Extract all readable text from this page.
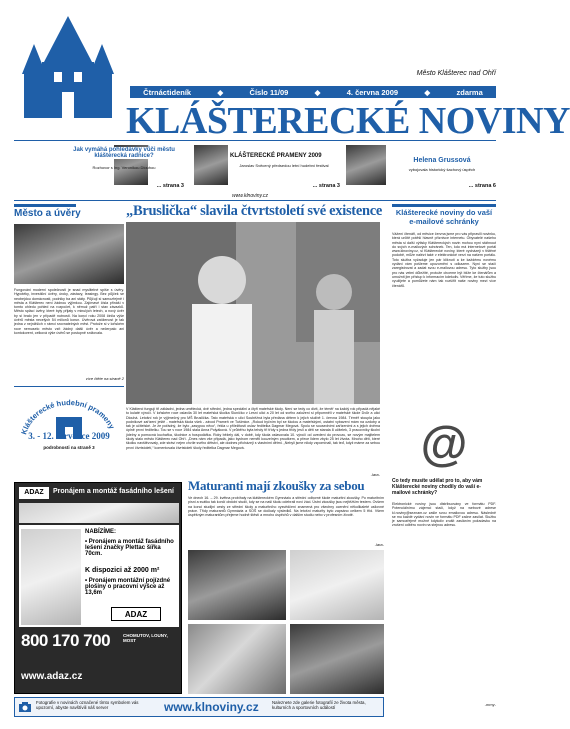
Město Klášterec nad Ohří
Čtrnáctideník	◆	Číslo 11/09	◆	4. června 2009	◆	zdarma
KLÁŠTERECKÉ NOVINY
Jak vymáhá pohledávky vůči městu klášterecká radnice?
Rozhovor s Ing. Veronikou Dlouhou
... strana 3
KLÁŠTERECKÉ PRAMENY 2009
Jaroslav Svěcený předsedou letní hudební festival
... strana 3
Helena Grussová
vybojovala historický šachový úspěch
... strana 6
www.klnoviny.cz
Město a úvěry
Fungování moderní společnosti je snad myslitelné spíše s úvěry. Hypotéky, investiční úvěry, úroky, zástavy, leasingy. Bez půjček se neobejdou domácnosti, podniky ba ani státy. Půjčují si samozřejmě i města a Klášterec není žádnou výjimkou. Zajímavé čísla přináší v tomto ohledu pohled na rozpočet, k němuž patří i stav závazků. Město splácí úvěry, které byly přijaty v minulých letech, a nový úvěr by si bralo jen v případě nutnosti. Na konci roku 2008 činila výše úvěrů města necelých 54 milionů korun. Úvěrová zatíženost je tak jedna z nejnižších v rámci srovnatelných měst. Protože si v loňském roce nemuselo město vzít žádný další úvěr a nečerpalo ani kontokorent, celková výše úvěrů se postupně snižovala.
více čtěte na straně 2
Klášterecké hudební prameny
3. - 12. července 2009
podrobnosti na straně 3
„Bruslička“ slavila čtvrtstoletí své existence
V Klášterci fungují tři základní, jedna umělecká, dvě střední, jedna speciální a čtyři mateřské školy. Není se tedy co divit, že téměř na každý rok připadá nějaké to kulaté výročí. V loňském roce oslavila 30 let mateřská školka Sluníčko v Lesní ulici a 20 let od svého založení si připomněli v mateřské škole Dvůr a ulici Dlouhá. Letošní rok je výjimečný pro MŠ Bruslička. Tato mateřská v ulici Souběžná byla předána dětem k jejich službě 1. června 1984. Téměř stoupla jako podnikové zařízení ještě - mateřská škola všek - závod Prameň ve Tušimice. „Rokud byčním byl se školou a mateřskými, ostatní vybavení mám na ozdoby a tak je učitelské. Je že pořádný, že bylo „zasypou něco“, řekla u příležitosti oslav ředitelka Dagmar Megová. Spolu se sousedními zařízeními a s jejich dvěma úplně první ředitelku. Tou se v roce 1984 stala Anna Polyáková. V průběhu byla tehdy tři třídy s jedna třídy jeslí a dětí se starala 8 učitelek, 3 pracovníky školní jídelny a pomocná kuchařka, školnice a hospodářka. Roky běžely dál, v době, kdy škola oslavovala 10. výročí od uvedení do provozu, se novým majitelem školy stalo město Klášterec nad Ohří. „Dnes nám vše připadá, jako bychom neměli kouzelným proutkem, a přece lidem zbylo 25 let života. Mnoho dětí, které školku navštěvovaly, zde stráví nejen chvíle svého dětství, ale dodnes přicházejí s vlastními dětmi. „Nebyli jsme nikdy vzpomínali, tak teď, když máme za sebou první čtvrtstoletí,“ komentovala čtvrtstoletí školy ředitelka Dagmar Megová.
-lara-
Klášterecké noviny do vaší e-mailové schránky
Vážení čtenáři, od měsíce června jsme pro vás připravili novinku, která určitě potěší hlavně příznivce internetu. Obyvatelé našeho města si další výtisky Kláštereckých novin mohou nyní stáhnout do svých e-mailových schránek. Ten, kdo má internetové portál www.klnoviny.cz, si Klášterecké noviny, které vycházejí v tištěné podobě, může nalézt také v elektronické verzi na našem portálu. Toto služba vyžaduje jen pár kliknutí a ke každému novému vydání vám pošleme upozornění s odkazem. Nyní se stačí zaregistrovat a zadat svou e-mailovou adresu. Tyto služby jsou pro nás velmi důležité, protože chceme být blíže ke čtenářům a umožnit jim přístup k informacím kdekoliv. Věříme, že tuto službu využijete a pomůžete nám tak rozšířit naše noviny mezi více čtenářů.
@
Co tedy musíte udělat pro to, aby vám Klášterecké noviny chodily do vaší e-mailové schránky?
Elektronické noviny jsou distribuovány ve formátu PDF. Potenciálnímu zájemci stačí, když na webové adrese kl.noviny@seznam.cz zašle svou emailovou adresu. Následně se mu každé vydání novin ve formátu PDF začne zasílat. Službu je samozřejmě možné kdykoliv zrušit zasláním požadavku na zrušení odběru novin na stejnou adresu.
-mmy-
ADAZ	Pronájem a montáž fasádního lešení
NABÍZÍME:
• Pronájem a montáž fasádního lešení značky Plettac šířka 70cm.
K dispozici až 2000 m²
• Pronájem montážní pojízdné plošiny o pracovní výšce až 13,6m
ADAZ
800 170 700	CHOMUTOV, LOUNY, MOST
www.adaz.cz
Maturanti mají zkoušky za sebou
Ve dnech 16. – 29. května probíhaly na kláštereckém Gymnáziu a střední odborné škole maturitní zkoušky. Po maturitním písni a svátku tak končí období studií, kdy se na naši školu odebrali noví žáci. Ústní zkoušky jsou nejtěžším testem. Ovšem na konci studijní cesty ze střední školy a maturitního vysvědčení znamená pro všechny ocenění několikaleté usilovné práce. Třídy maturantů Gymnázia a SOŠ se dočkaly výsledků. Na letošní maturity bylo zapsáno celkem 5 tříd. Všem úspěšným maturantům přejeme hodně štěstí a mnoho úspěchů v dalším studiu nebo v profesním životě.
-lara-
Fotografie v novinách označené tímto symbolem vás upozorní, abyste navštívili náš server	www.klnoviny.cz	Naleznete zde galerie fotografií ze života města, kulturních a sportovních událostí
